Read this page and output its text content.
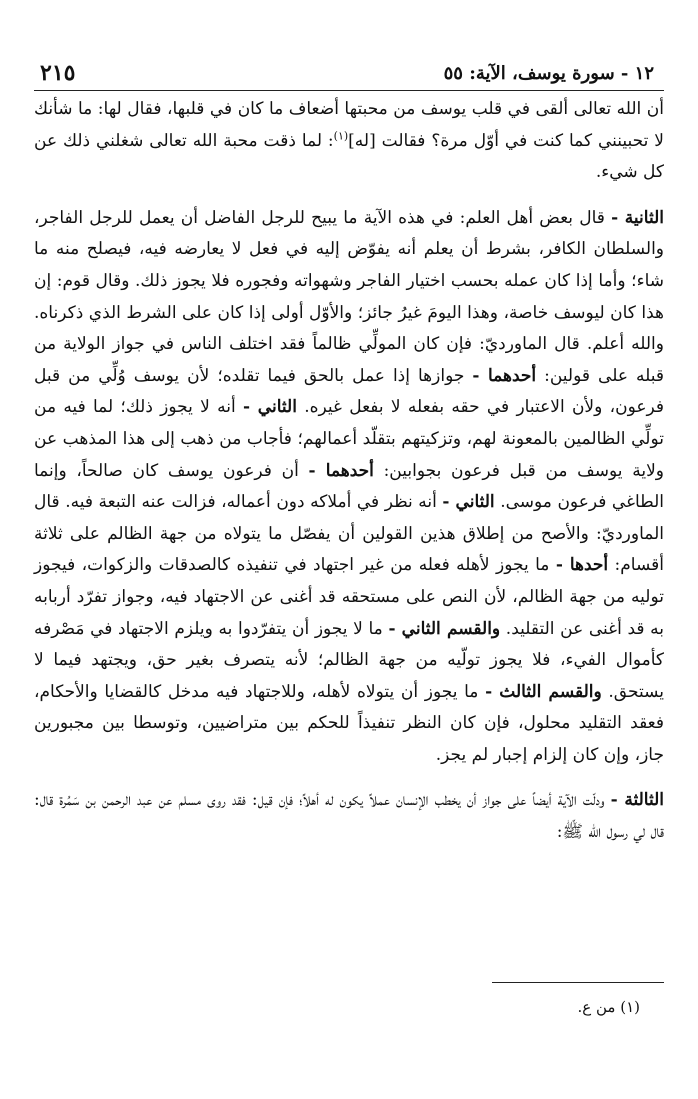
١٢ - سورة يوسف، الآية: ٥٥
٢١٥

أن الله تعالى ألقى في قلب يوسف من محبتها أضعاف ما كان في قلبها، فقال لها: ما شأنك لا تحبينني كما كنت في أوّل مرة؟ فقالت [له]$^{(١)}$: لما ذقت محبة الله تعالى شغلني ذلك عن كل شيء.

الثانية - قال بعض أهل العلم: في هذه الآية ما يبيح للرجل الفاضل أن يعمل للرجل الفاجر، والسلطان الكافر، بشرط أن يعلم أنه يفوّض إليه في فعل لا يعارضه فيه، فيصلح منه ما شاء؛ وأما إذا كان عمله بحسب اختيار الفاجر وشهواته وفجوره فلا يجوز ذلك. وقال قوم: إن هذا كان ليوسف خاصة، وهذا اليومَ غيرُ جائز؛ والأوّل أولى إذا كان على الشرط الذي ذكرناه. والله أعلم. قال الماورديّ: فإن كان المولِّي ظالماً فقد اختلف الناس في جواز الولاية من قبله على قولين: أحدهما - جوازها إذا عمل بالحق فيما تقلده؛ لأن يوسف وُلِّي من قبل فرعون، ولأن الاعتبار في حقه بفعله لا بفعل غيره. الثاني - أنه لا يجوز ذلك؛ لما فيه من تولِّي الظالمين بالمعونة لهم، وتزكيتهم بتقلّد أعمالهم؛ فأجاب من ذهب إلى هذا المذهب عن ولاية يوسف من قبل فرعون بجوابين: أحدهما - أن فرعون يوسف كان صالحاً، وإنما الطاغي فرعون موسى. الثاني - أنه نظر في أملاكه دون أعماله، فزالت عنه التبعة فيه. قال الماورديّ: والأصح من إطلاق هذين القولين أن يفصّل ما يتولاه من جهة الظالم على ثلاثة أقسام: أحدها - ما يجوز لأهله فعله من غير اجتهاد في تنفيذه كالصدقات والزكوات، فيجوز توليه من جهة الظالم، لأن النص على مستحقه قد أغنى عن الاجتهاد فيه، وجواز تفرّد أربابه به قد أغنى عن التقليد. والقسم الثاني - ما لا يجوز أن يتفرّدوا به ويلزم الاجتهاد في مَصْرفه كأموال الفيء، فلا يجوز تولّيه من جهة الظالم؛ لأنه يتصرف بغير حق، ويجتهد فيما لا يستحق. والقسم الثالث - ما يجوز أن يتولاه لأهله، وللاجتهاد فيه مدخل كالقضايا والأحكام، فعقد التقليد محلول، فإن كان النظر تنفيذاً للحكم بين متراضيين، وتوسطا بين مجبورين جاز، وإن كان إلزام إجبار لم يجز.

الثالثة - ودلّت الآية أيضاً على جواز أن يخطب الإنسان عملاً يكون له أهلاً؛ فإن قيل: فقد روى مسلم عن عبد الرحمن بن سَمُرة قال: قال لي رسول الله ﷺ:

(١) من ع.
